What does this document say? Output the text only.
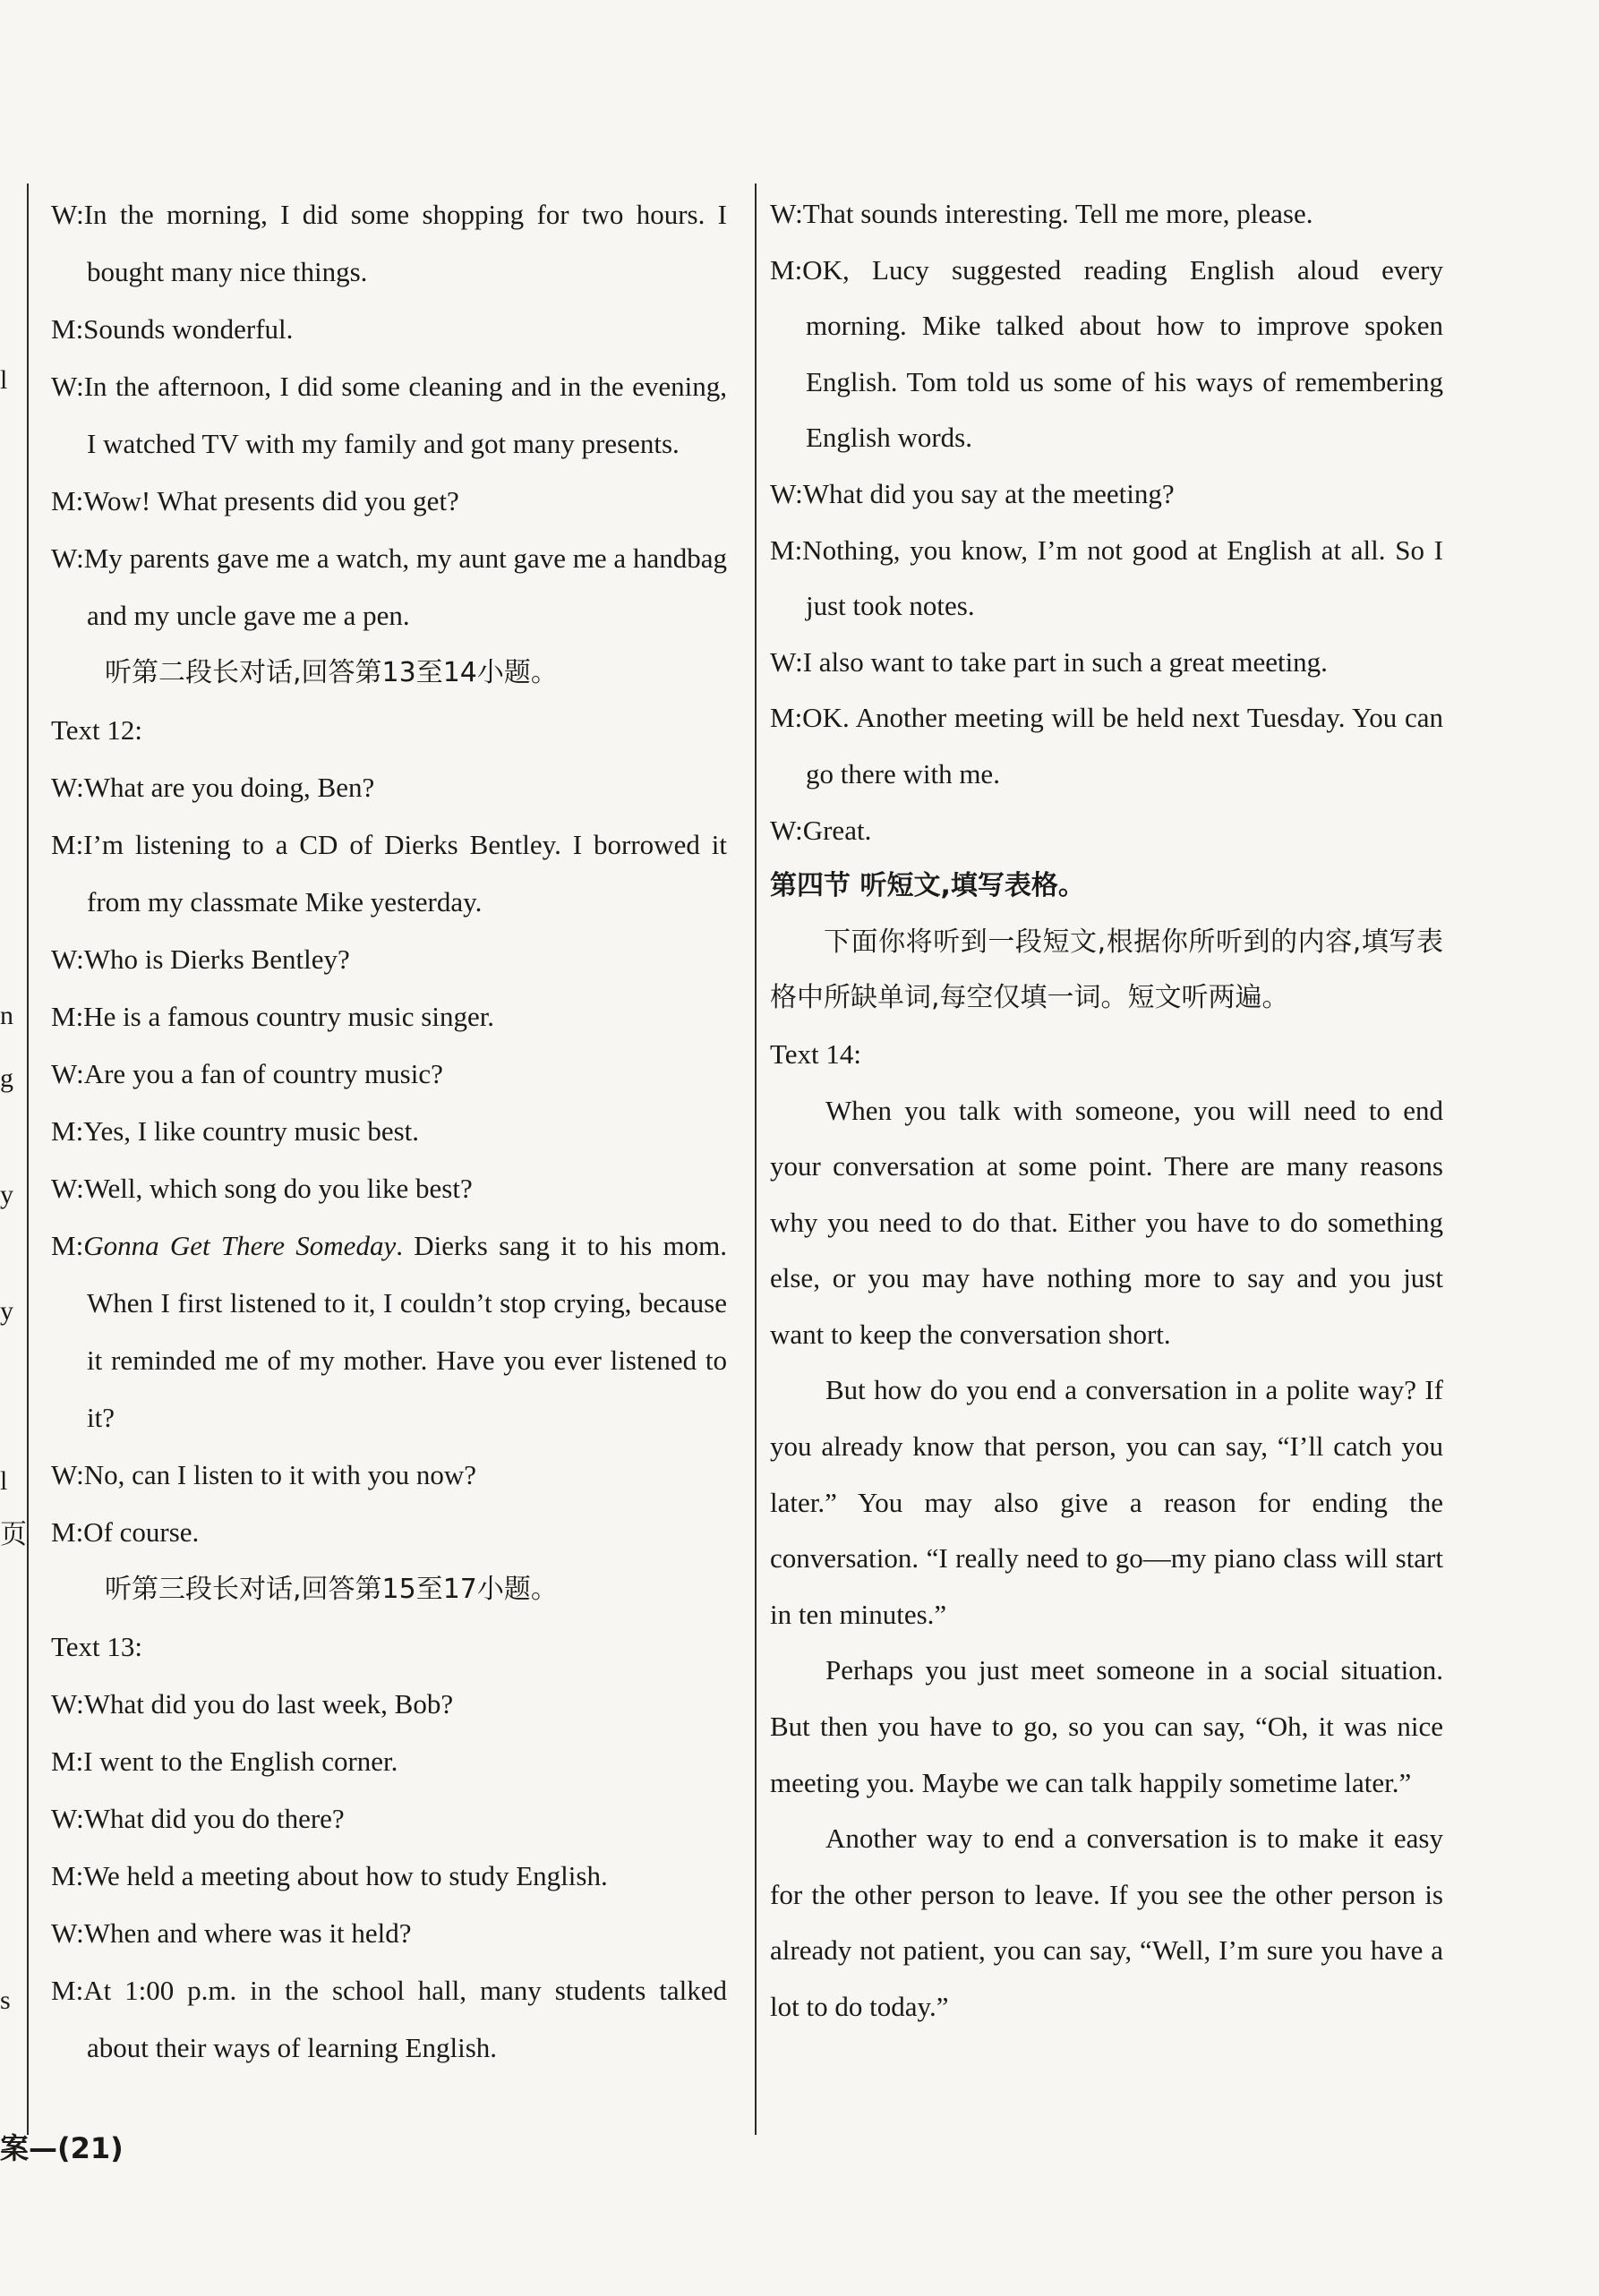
l
n
g
y
y
l
页
s
W:In the morning, I did some shopping for two hours. I bought many nice things.
M:Sounds wonderful.
W:In the afternoon, I did some cleaning and in the evening, I watched TV with my family and got many presents.
M:Wow! What presents did you get?
W:My parents gave me a watch, my aunt gave me a handbag and my uncle gave me a pen.
听第二段长对话,回答第13至14小题。
Text 12:
W:What are you doing, Ben?
M:I’m listening to a CD of Dierks Bentley. I borrowed it from my classmate Mike yesterday.
W:Who is Dierks Bentley?
M:He is a famous country music singer.
W:Are you a fan of country music?
M:Yes, I like country music best.
W:Well, which song do you like best?
M:Gonna Get There Someday. Dierks sang it to his mom. When I first listened to it, I couldn’t stop crying, because it reminded me of my mother. Have you ever listened to it?
W:No, can I listen to it with you now?
M:Of course.
听第三段长对话,回答第15至17小题。
Text 13:
W:What did you do last week, Bob?
M:I went to the English corner.
W:What did you do there?
M:We held a meeting about how to study English.
W:When and where was it held?
M:At 1:00 p.m. in the school hall, many students talked about their ways of learning English.
W:That sounds interesting. Tell me more, please.
M:OK, Lucy suggested reading English aloud every morning. Mike talked about how to improve spoken English. Tom told us some of his ways of remembering English words.
W:What did you say at the meeting?
M:Nothing, you know, I’m not good at English at all. So I just took notes.
W:I also want to take part in such a great meeting.
M:OK. Another meeting will be held next Tuesday. You can go there with me.
W:Great.
第四节 听短文,填写表格。
下面你将听到一段短文,根据你所听到的内容,填写表格中所缺单词,每空仅填一词。短文听两遍。
Text 14:
When you talk with someone, you will need to end your conversation at some point. There are many reasons why you need to do that. Either you have to do something else, or you may have nothing more to say and you just want to keep the conversation short.
But how do you end a conversation in a polite way? If you already know that person, you can say, “I’ll catch you later.” You may also give a reason for ending the conversation. “I really need to go—my piano class will start in ten minutes.”
Perhaps you just meet someone in a social situation. But then you have to go, so you can say, “Oh, it was nice meeting you. Maybe we can talk happily sometime later.”
Another way to end a conversation is to make it easy for the other person to leave. If you see the other person is already not patient, you can say, “Well, I’m sure you have a lot to do today.”
案—(21)
